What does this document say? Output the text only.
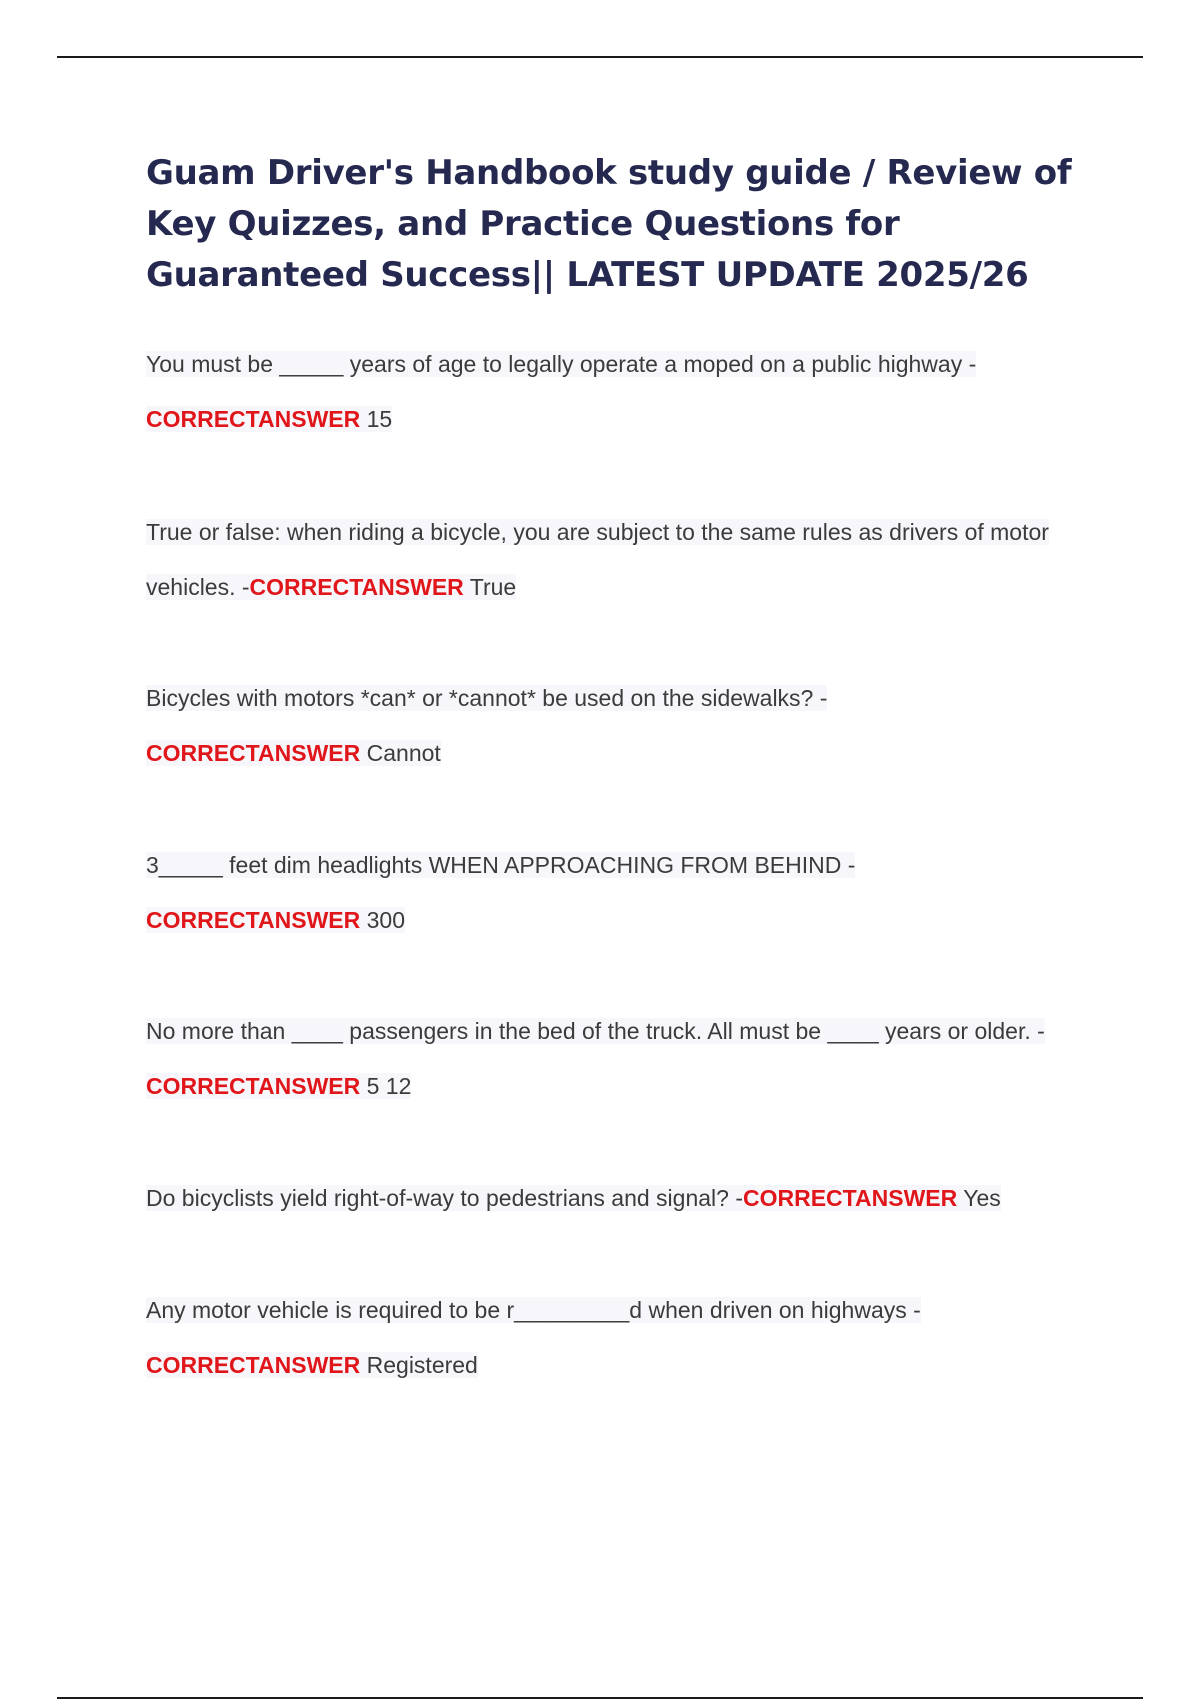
Guam Driver's Handbook study guide / Review of Key Quizzes, and Practice Questions for Guaranteed Success|| LATEST UPDATE 2025/26

You must be _____ years of age to legally operate a moped on a public highway -
CORRECTANSWER 15

True or false: when riding a bicycle, you are subject to the same rules as drivers of motor vehicles. -CORRECTANSWER True

Bicycles with motors *can* or *cannot* be used on the sidewalks? -
CORRECTANSWER Cannot

3_____ feet dim headlights WHEN APPROACHING FROM BEHIND -
CORRECTANSWER 300

No more than ____ passengers in the bed of the truck. All must be ____ years or older. -
CORRECTANSWER 5 12

Do bicyclists yield right-of-way to pedestrians and signal? -CORRECTANSWER Yes

Any motor vehicle is required to be r_________d when driven on highways -
CORRECTANSWER Registered
